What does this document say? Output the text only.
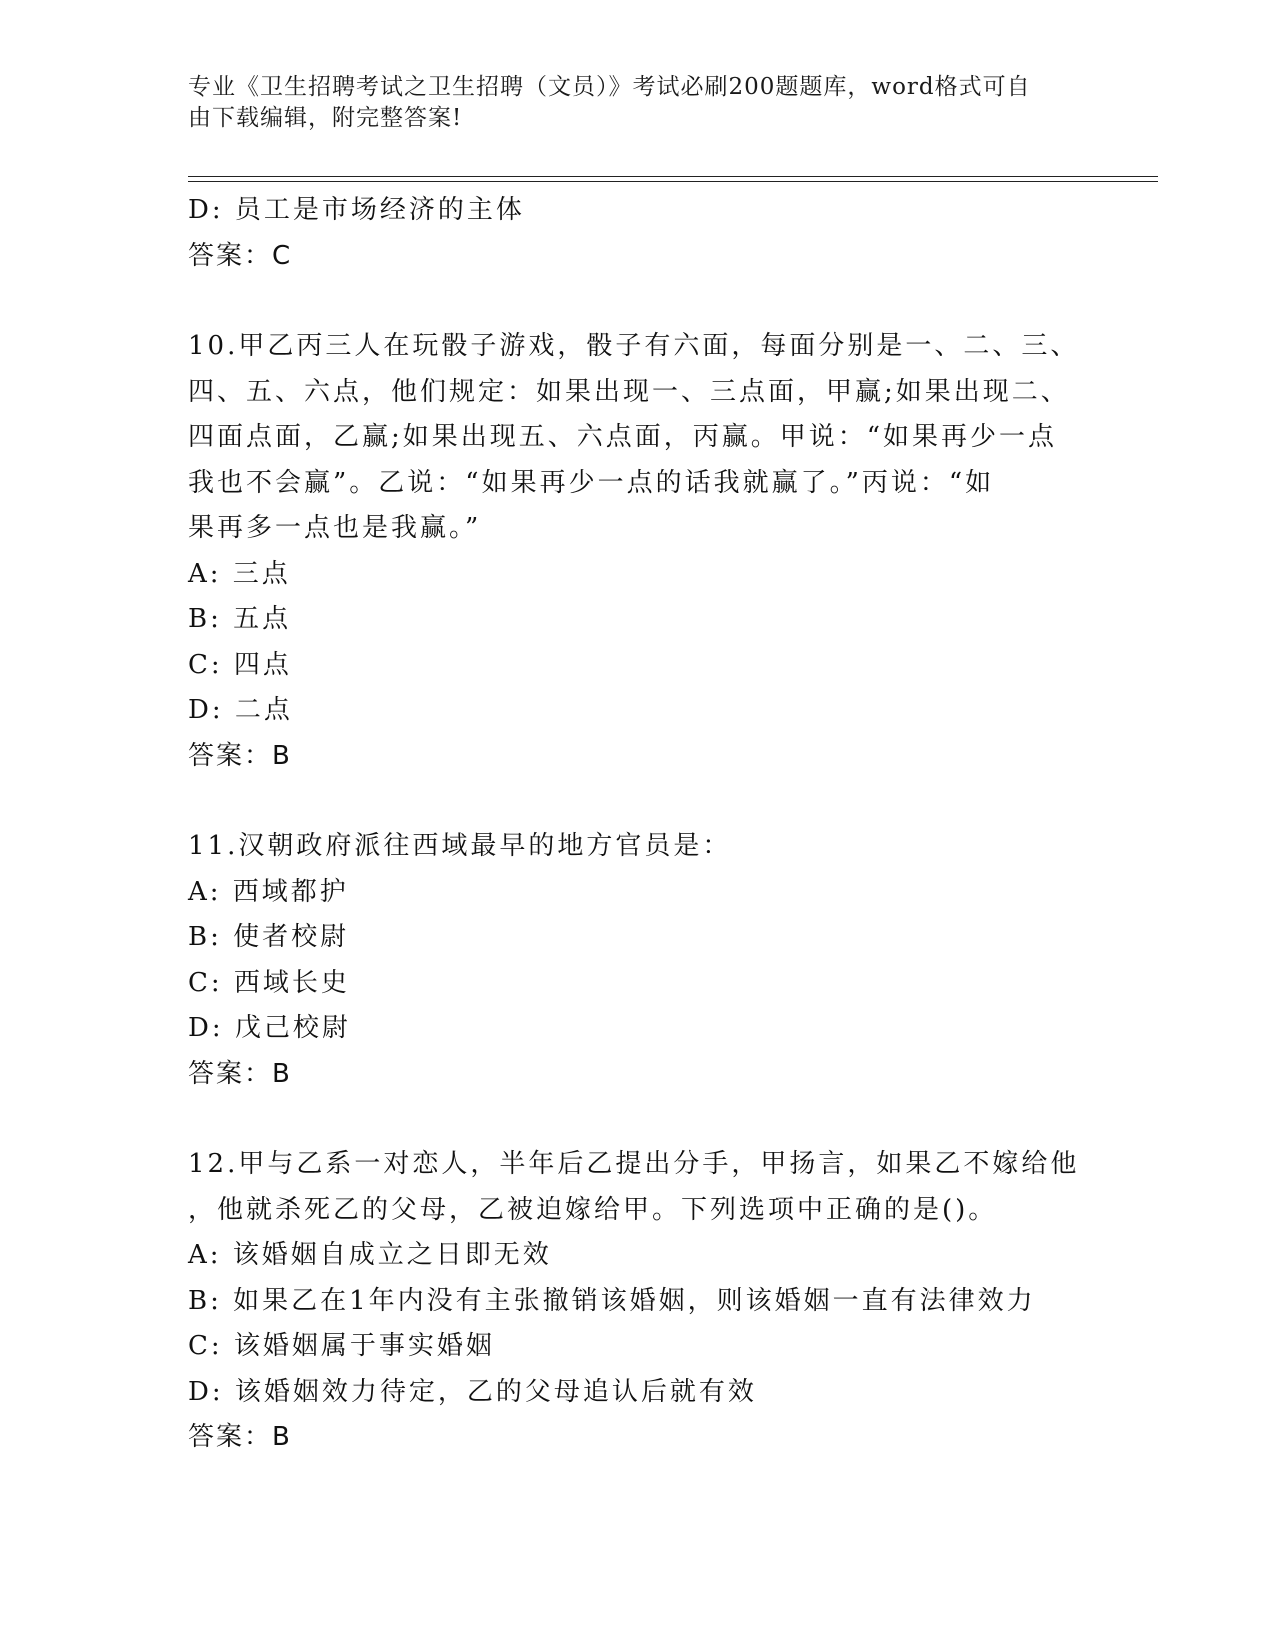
专业《卫生招聘考试之卫生招聘（文员）》考试必刷200题题库，word格式可自
由下载编辑，附完整答案!
D: 员工是市场经济的主体
答案：C
10.甲乙丙三人在玩骰子游戏，骰子有六面，每面分别是一、二、三、
四、五、六点，他们规定：如果出现一、三点面，甲赢;如果出现二、
四面点面，乙赢;如果出现五、六点面，丙赢。甲说：“如果再少一点
我也不会赢”。乙说：“如果再少一点的话我就赢了。”丙说：“如
果再多一点也是我赢。”
A: 三点
B: 五点
C: 四点
D: 二点
答案：B
11.汉朝政府派往西域最早的地方官员是：
A: 西域都护
B: 使者校尉
C: 西域长史
D: 戊己校尉
答案：B
12.甲与乙系一对恋人，半年后乙提出分手，甲扬言，如果乙不嫁给他
，他就杀死乙的父母，乙被迫嫁给甲。下列选项中正确的是()。
A: 该婚姻自成立之日即无效
B: 如果乙在1年内没有主张撤销该婚姻，则该婚姻一直有法律效力
C: 该婚姻属于事实婚姻
D: 该婚姻效力待定，乙的父母追认后就有效
答案：B
